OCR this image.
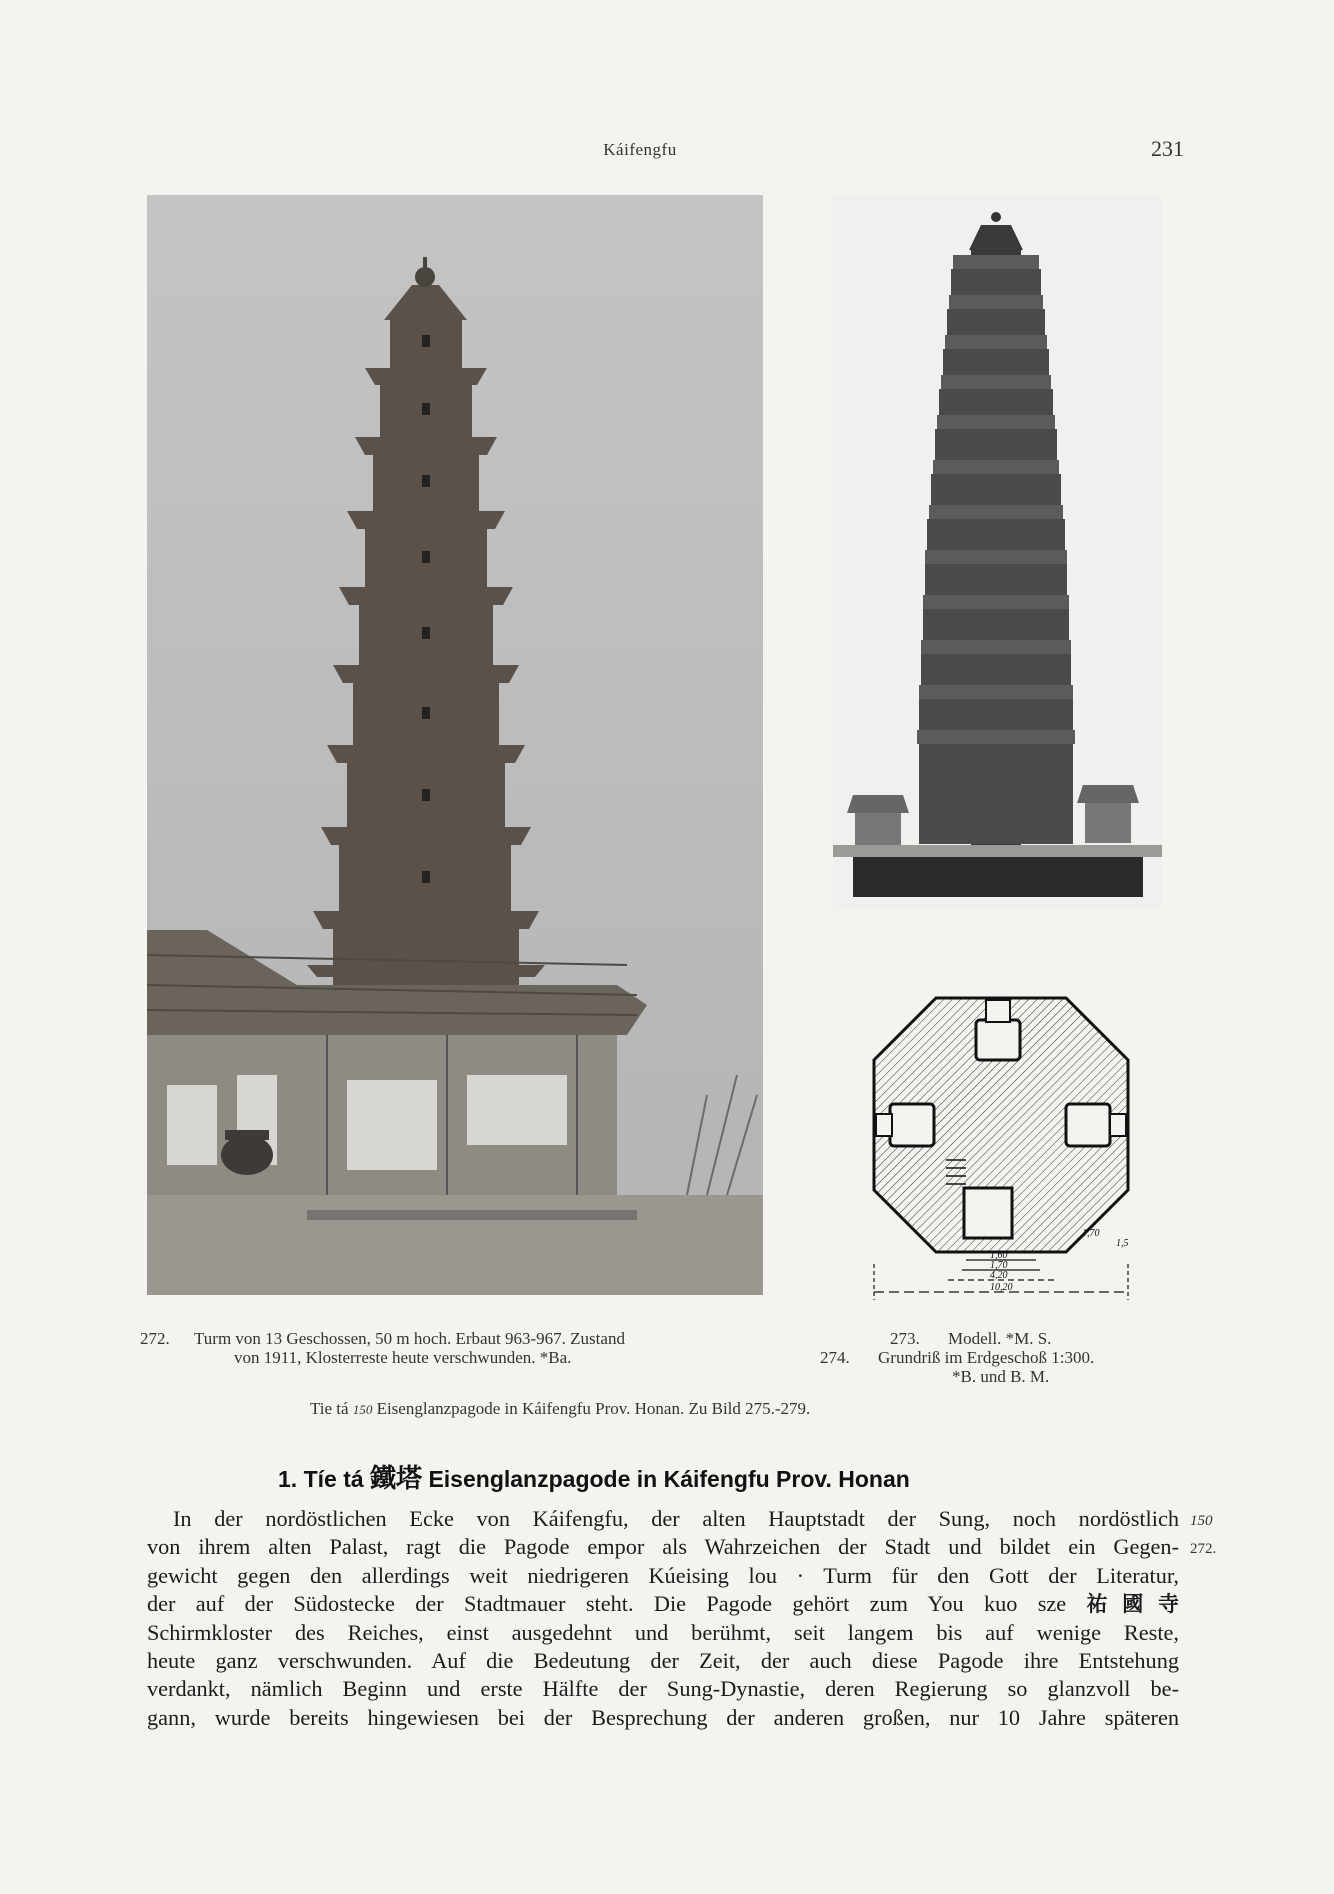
Káifengfu	231
1,60
1,70
4,20
10,20
1,70
1,5
272. Turm von 13 Geschossen, 50 m hoch. Erbaut 963-967. Zustand
von 1911, Klosterreste heute verschwunden. *Ba.
273. Modell. *M. S.
274. Grundriß im Erdgeschoß 1:300.
*B. und B. M.
Tie tá 150 Eisenglanzpagode in Káifengfu Prov. Honan. Zu Bild 275.-279.
1. Tíe tá 鐵塔 Eisenglanzpagode in Káifengfu Prov. Honan
In der nordöstlichen Ecke von Káifengfu, der alten Hauptstadt der Sung, noch nordöstlich
von ihrem alten Palast, ragt die Pagode empor als Wahrzeichen der Stadt und bildet ein Gegen-
gewicht gegen den allerdings weit niedrigeren Kúeising lou · Turm für den Gott der Literatur,
der auf der Südostecke der Stadtmauer steht. Die Pagode gehört zum You kuo sze 祐國寺
Schirmkloster des Reiches, einst ausgedehnt und berühmt, seit langem bis auf wenige Reste,
heute ganz verschwunden. Auf die Bedeutung der Zeit, der auch diese Pagode ihre Entstehung
verdankt, nämlich Beginn und erste Hälfte der Sung-Dynastie, deren Regierung so glanzvoll be-
gann, wurde bereits hingewiesen bei der Besprechung der anderen großen, nur 10 Jahre späteren
150
272.
